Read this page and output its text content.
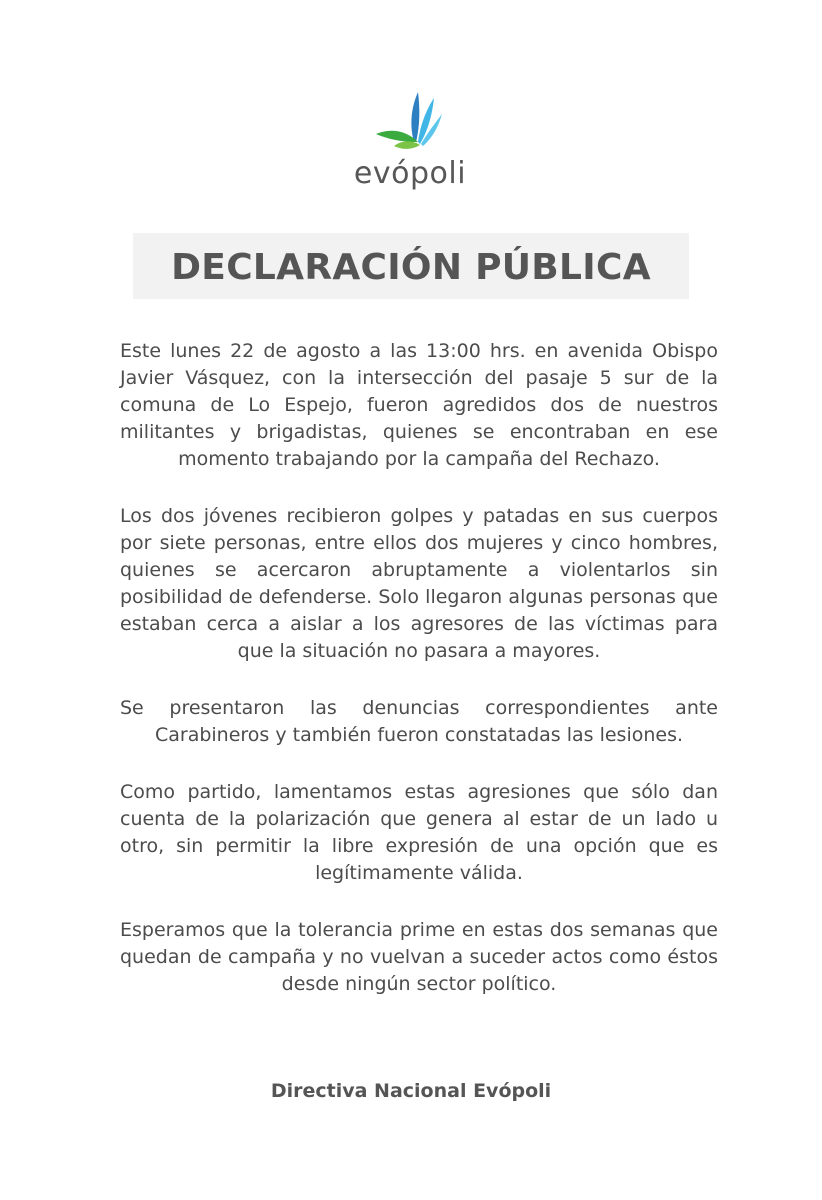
evópoli
DECLARACIÓN PÚBLICA

Este lunes 22 de agosto a las 13:00 hrs. en avenida Obispo Javier Vásquez, con la intersección del pasaje 5 sur de la comuna de Lo Espejo, fueron agredidos dos de nuestros militantes y brigadistas, quienes se encontraban en ese momento trabajando por la campaña del Rechazo.

Los dos jóvenes recibieron golpes y patadas en sus cuerpos por siete personas, entre ellos dos mujeres y cinco hombres, quienes se acercaron abruptamente a violentarlos sin posibilidad de defenderse. Solo llegaron algunas personas que estaban cerca a aislar a los agresores de las víctimas para que la situación no pasara a mayores.

Se presentaron las denuncias correspondientes ante Carabineros y también fueron constatadas las lesiones.

Como partido, lamentamos estas agresiones que sólo dan cuenta de la polarización que genera al estar de un lado u otro, sin permitir la libre expresión de una opción que es legítimamente válida.

Esperamos que la tolerancia prime en estas dos semanas que quedan de campaña y no vuelvan a suceder actos como éstos desde ningún sector político.

Directiva Nacional Evópoli
